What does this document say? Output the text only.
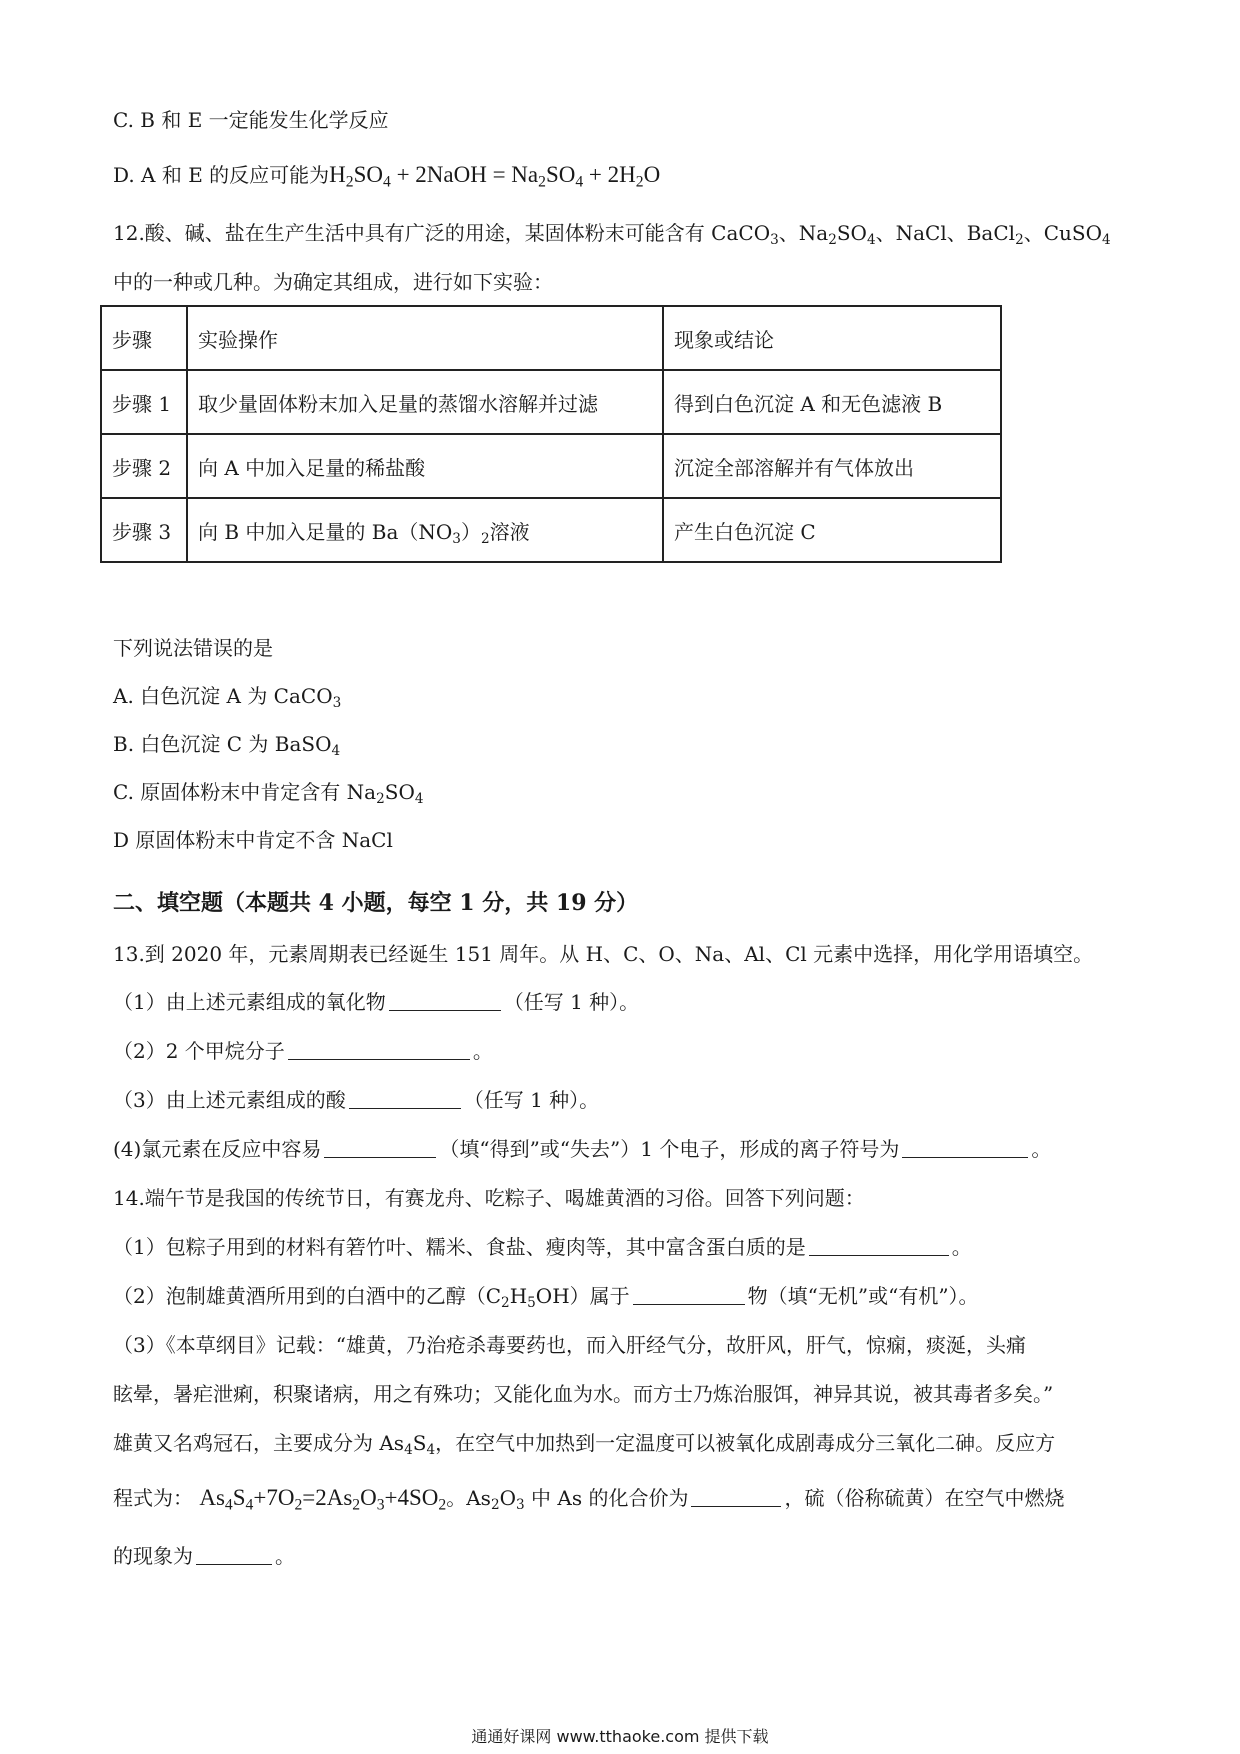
C. B 和 E 一定能发生化学反应
D. A 和 E 的反应可能为$H_2SO_4$ + 2NaOH = $Na_2SO_4 + 2H_2O$
12.酸、碱、盐在生产生活中具有广泛的用途，某固体粉末可能含有 CaCO$_3$、$Na_2SO_4$、NaCl、BaCl$_2$、CuSO$_4$
中的一种或几种。为确定其组成，进行如下实验：
步骤	实验操作	现象或结论
步骤 1	取少量固体粉末加入足量的蒸馏水溶解并过滤	得到白色沉淀 A 和无色滤液 B
步骤 2	向 A 中加入足量的稀盐酸	沉淀全部溶解并有气体放出
步骤 3	向 B 中加入足量的 $Ba(NO_3)_2$溶液	产生白色沉淀 C
下列说法错误的是
A. 白色沉淀 A 为 CaCO$_3$
B. 白色沉淀 C 为 BaSO$_4$
C. 原固体粉末中肯定含有 $Na_2SO_4$
D 原固体粉末中肯定不含 NaCl
二、填空题（本题共 4 小题，每空 1 分，共 19 分）
13.到 2020 年，元素周期表已经诞生 151 周年。从 H、C、O、Na、Al、Cl 元素中选择，用化学用语填空。
（1）由上述元素组成的氧化物	（任写 1 种）。
（2）2 个甲烷分子	。
（3）由上述元素组成的酸	（任写 1 种）。
(4)氯元素在反应中容易	（填“得到”或“失去”）1 个电子，形成的离子符号为	。
14.端午节是我国的传统节日，有赛龙舟、吃粽子、喝雄黄酒的习俗。回答下列问题：
（1）包粽子用到的材料有箬竹叶、糯米、食盐、瘦肉等，其中富含蛋白质的是	。
（2）泡制雄黄酒所用到的白酒中的乙醇$(C_2H_5OH)$属于	物（填“无机”或“有机”）。
（3）《本草纲目》记载：“雄黄，乃治疮杀毒要药也，而入肝经气分，故肝风，肝气，惊痫，痰涎，头痛
眩晕，暑疟泄痢，积聚诸病，用之有殊功；又能化血为水。而方士乃炼治服饵，神异其说，被其毒者多矣。”
雄黄又名鸡冠石，主要成分为 $As_4S_4$，在空气中加热到一定温度可以被氧化成剧毒成分三氧化二砷。反应方
程式为： $As_4S_4+7O_2=2As_2O_3+4SO_2$。$As_2O_3$ 中 As 的化合价为	，硫（俗称硫黄）在空气中燃烧
的现象为	。
通通好课网 www.tthaoke.com 提供下载
